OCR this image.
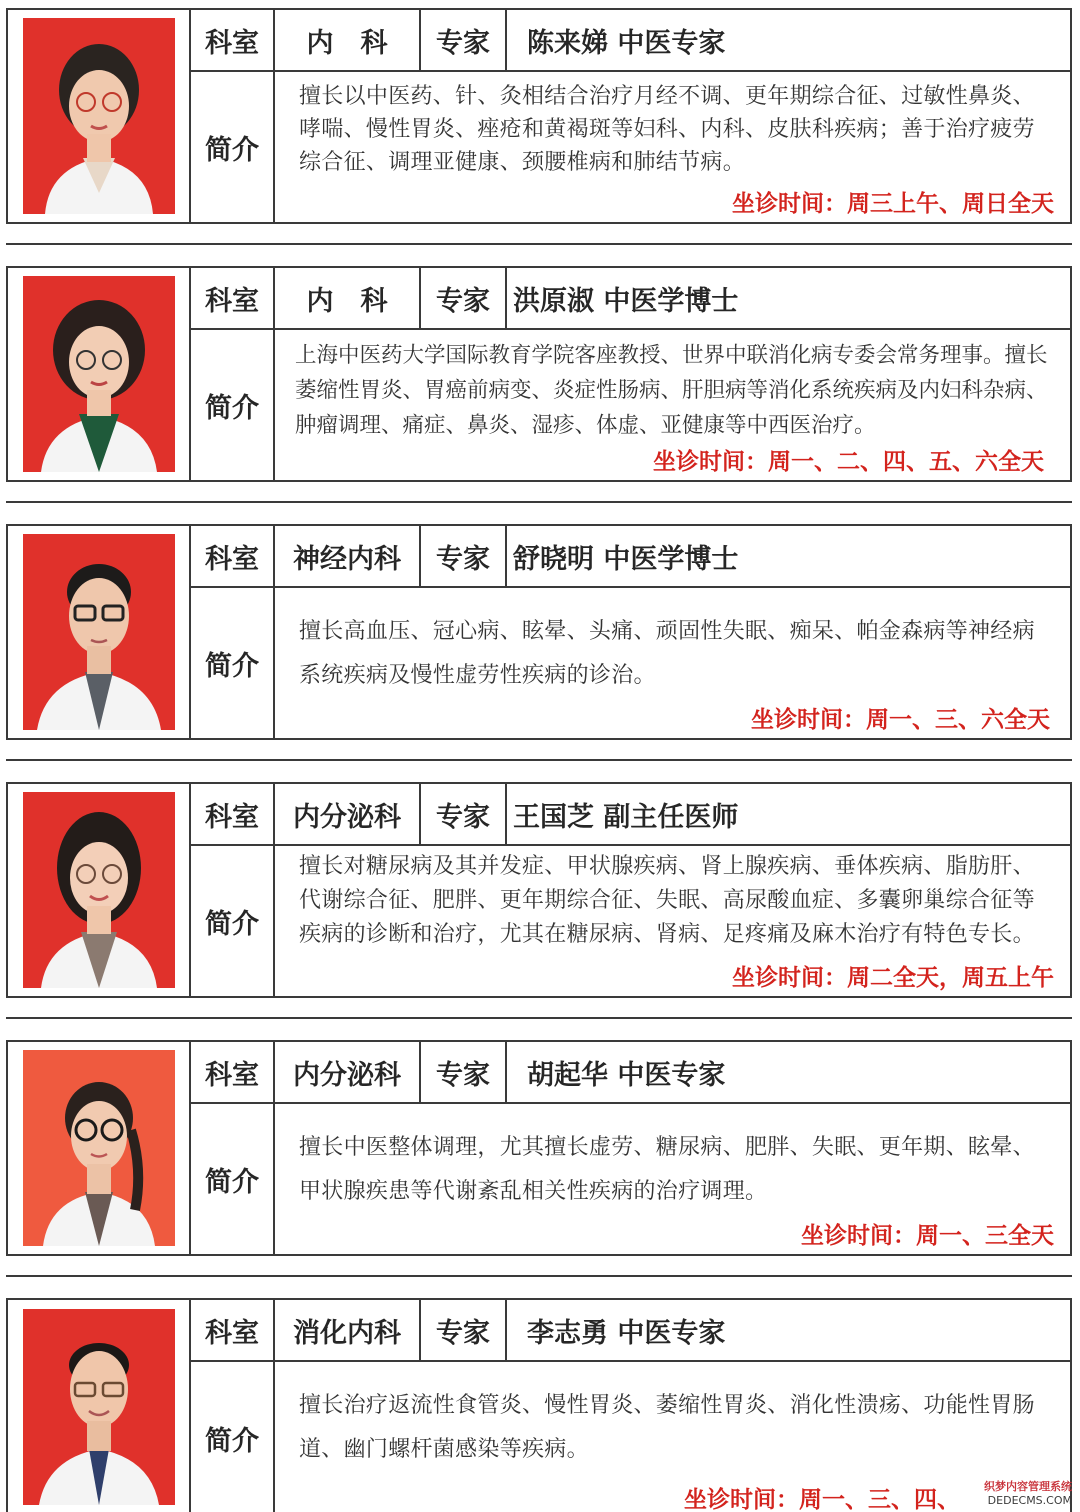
科室	内　科	专家	陈来娣 中医专家
简介
擅长以中医药、针、灸相结合治疗月经不调、更年期综合征、过敏性鼻炎、哮喘、慢性胃炎、痤疮和黄褐斑等妇科、内科、皮肤科疾病；善于治疗疲劳综合征、调理亚健康、颈腰椎病和肺结节病。
坐诊时间：周三上午、周日全天
科室	内　科	专家 洪原淑 中医学博士
简介
上海中医药大学国际教育学院客座教授、世界中联消化病专委会常务理事。擅长萎缩性胃炎、胃癌前病变、炎症性肠病、肝胆病等消化系统疾病及内妇科杂病、肿瘤调理、痛症、鼻炎、湿疹、体虚、亚健康等中西医治疗。
坐诊时间：周一、二、四、五、六全天
科室	神经内科	专家 舒晓明 中医学博士
简介
擅长高血压、冠心病、眩晕、头痛、顽固性失眠、痴呆、帕金森病等神经病系统疾病及慢性虚劳性疾病的诊治。
坐诊时间：周一、三、六全天
科室	内分泌科	专家 王国芝 副主任医师
简介
擅长对糖尿病及其并发症、甲状腺疾病、肾上腺疾病、垂体疾病、脂肪肝、代谢综合征、肥胖、更年期综合征、失眠、高尿酸血症、多囊卵巢综合征等疾病的诊断和治疗，尤其在糖尿病、肾病、足疼痛及麻木治疗有特色专长。
坐诊时间：周二全天，周五上午
科室	内分泌科	专家	胡起华 中医专家
简介
擅长中医整体调理，尤其擅长虚劳、糖尿病、肥胖、失眠、更年期、眩晕、甲状腺疾患等代谢紊乱相关性疾病的治疗调理。
坐诊时间：周一、三全天
科室	消化内科	专家	李志勇 中医专家
简介
擅长治疗返流性食管炎、慢性胃炎、萎缩性胃炎、消化性溃疡、功能性胃肠道、幽门螺杆菌感染等疾病。
坐诊时间：周一、三、四、
织梦内容管理系统
DEDECMS.COM
